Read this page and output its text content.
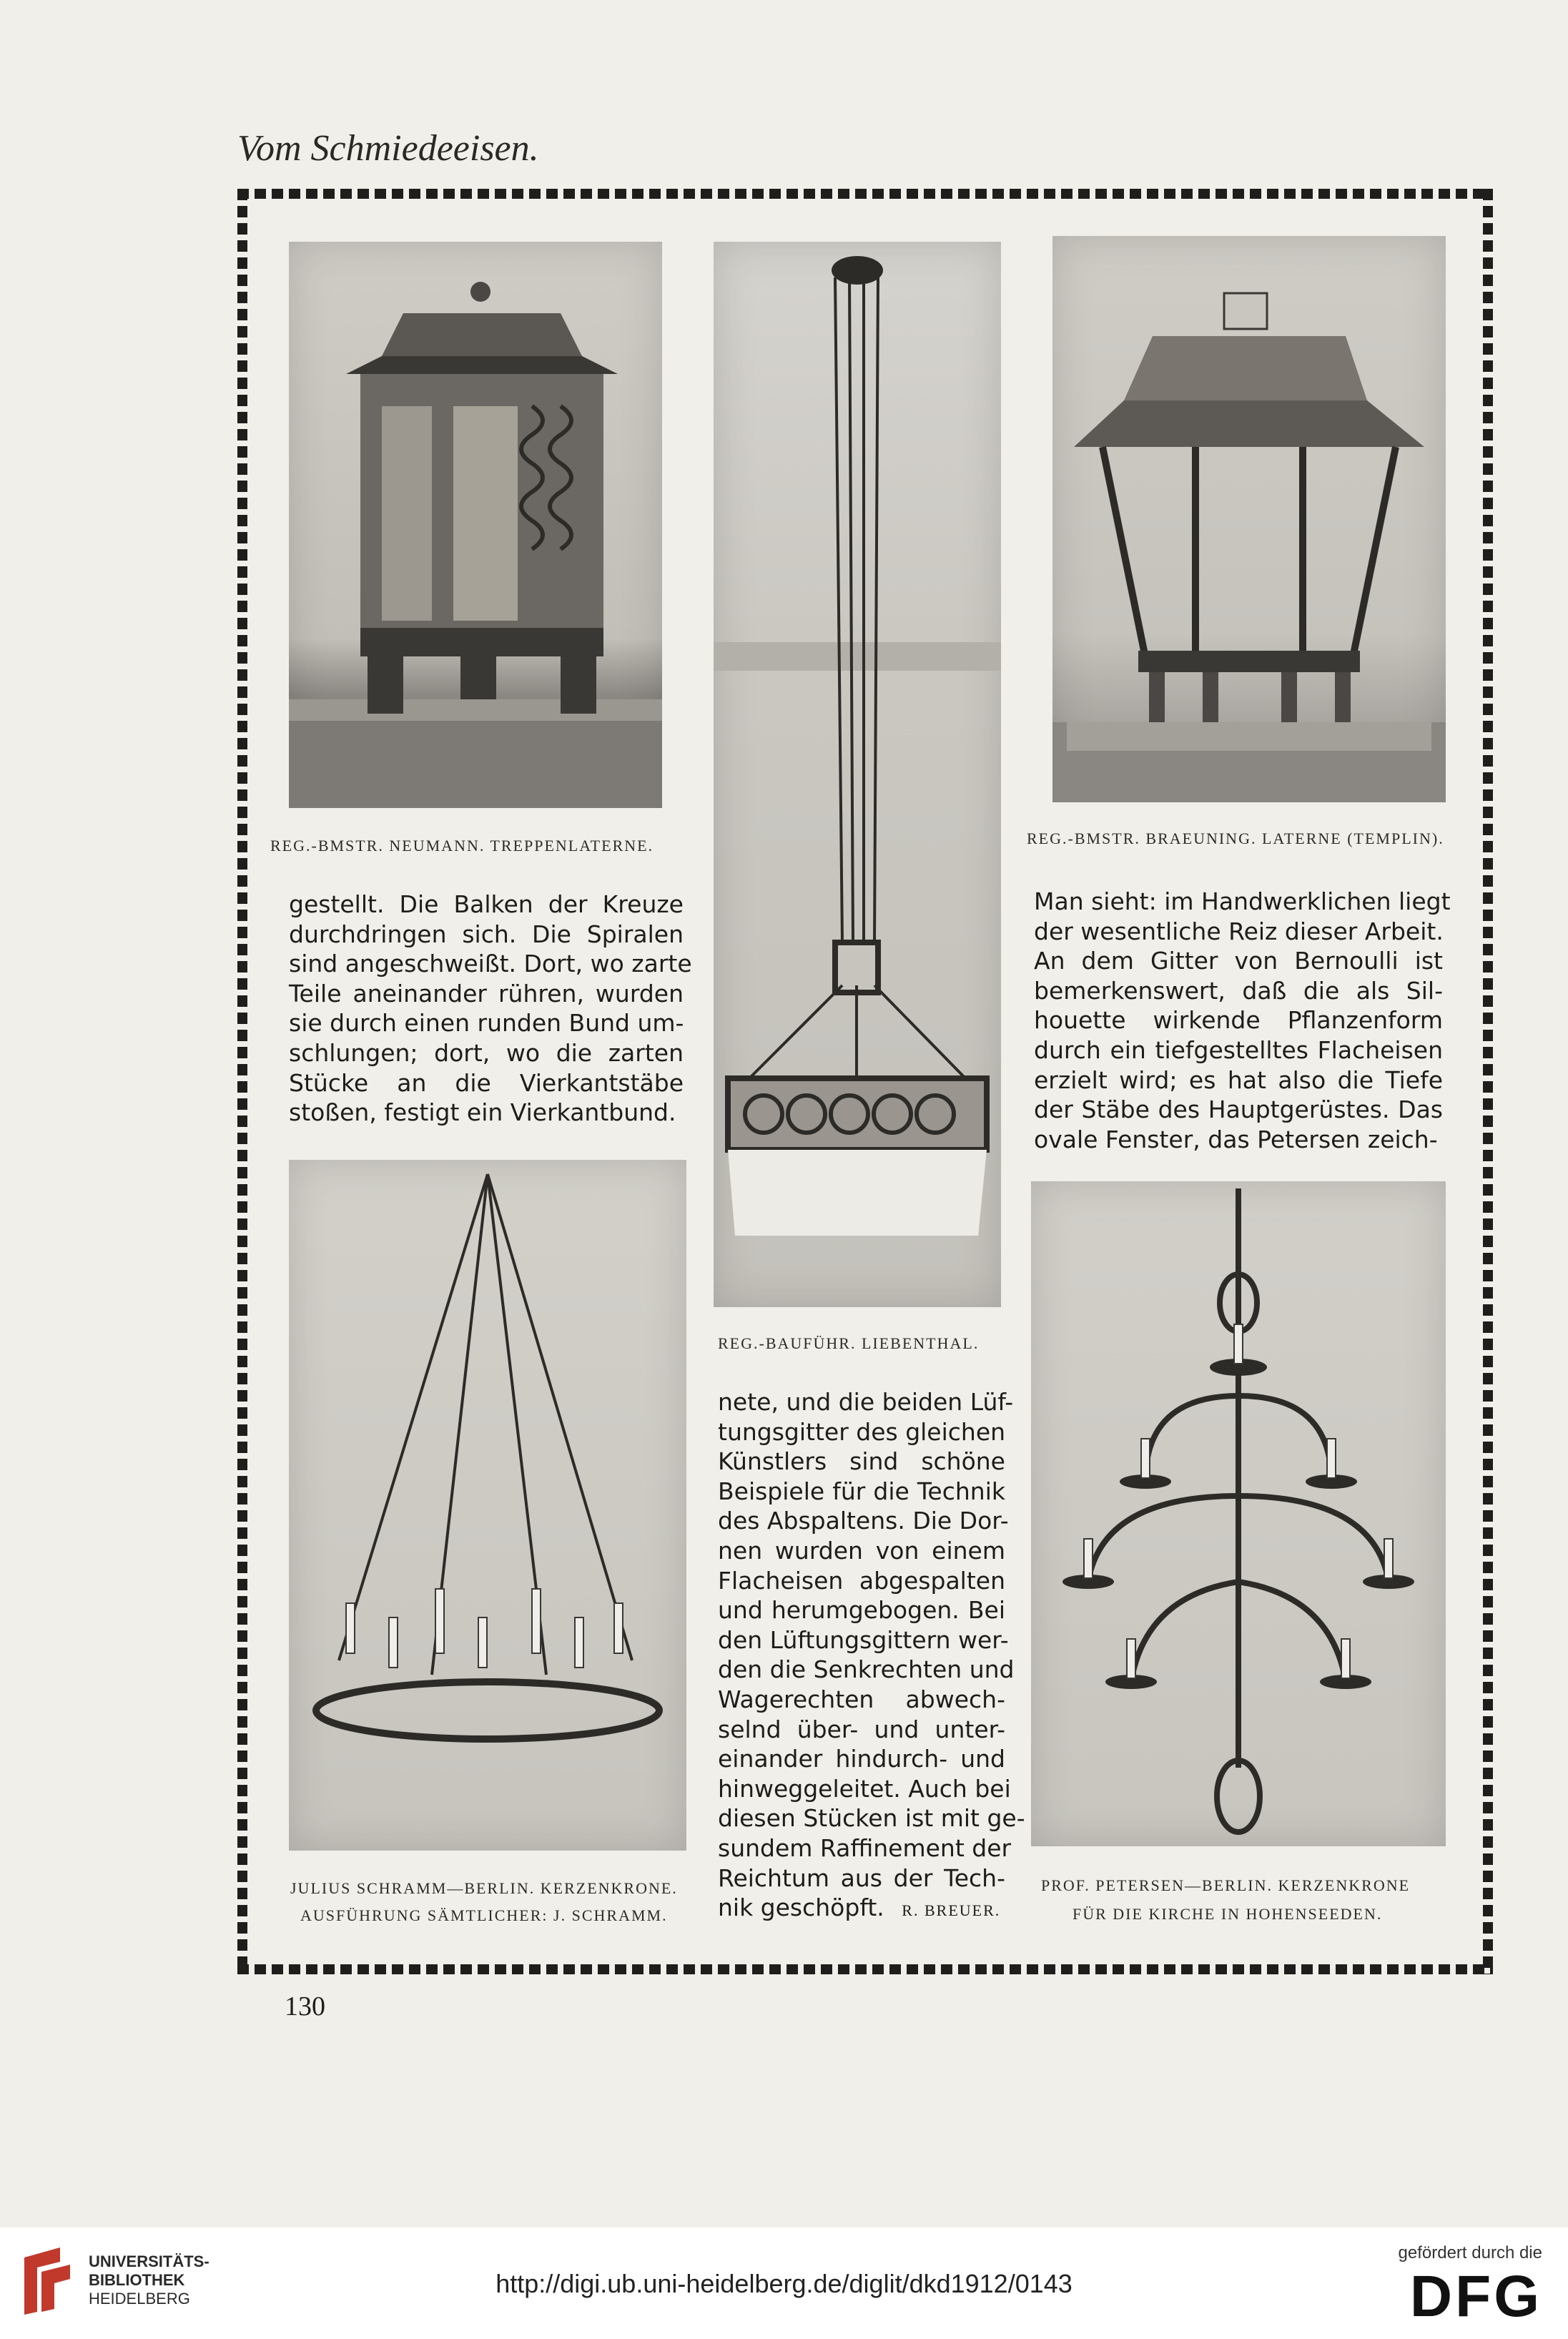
Vom Schmiedeeisen.
REG.-BMSTR. NEUMANN. TREPPENLATERNE.	REG.-BMSTR. BRAEUNING. LATERNE (TEMPLIN).
REG.-BAUFÜHR. LIEBENTHAL.
JULIUS SCHRAMM—BERLIN. KERZENKRONE.
AUSFÜHRUNG SÄMTLICHER: J. SCHRAMM.
PROF. PETERSEN—BERLIN. KERZENKRONE
FÜR DIE KIRCHE IN HOHENSEEDEN.
gestellt. Die Balken der Kreuze
durchdringen sich. Die Spiralen
sind angeschweißt. Dort, wo zarte
Teile aneinander rühren, wurden
sie durch einen runden Bund um-
schlungen; dort, wo die zarten
Stücke an die Vierkantstäbe
stoßen, festigt ein Vierkantbund.
Man sieht: im Handwerklichen liegt
der wesentliche Reiz dieser Arbeit.
An dem Gitter von Bernoulli ist
bemerkenswert, daß die als Sil-
houette wirkende Pflanzenform
durch ein tiefgestelltes Flacheisen
erzielt wird; es hat also die Tiefe
der Stäbe des Hauptgerüstes. Das
ovale Fenster, das Petersen zeich-
nete, und die beiden Lüf-
tungsgitter des gleichen
Künstlers sind schöne
Beispiele für die Technik
des Abspaltens. Die Dor-
nen wurden von einem
Flacheisen abgespalten
und herumgebogen. Bei
den Lüftungsgittern wer-
den die Senkrechten und
Wagerechten abwech-
selnd über- und unter-
einander hindurch- und
hinweggeleitet. Auch bei
diesen Stücken ist mit ge-
sundem Raffinement der
Reichtum aus der Tech-
nik geschöpft. R. BREUER.
130
UNIVERSITÄTS-
BIBLIOTHEK
HEIDELBERG
http://digi.ub.uni-heidelberg.de/diglit/dkd1912/0143
gefördert durch die
DFG
